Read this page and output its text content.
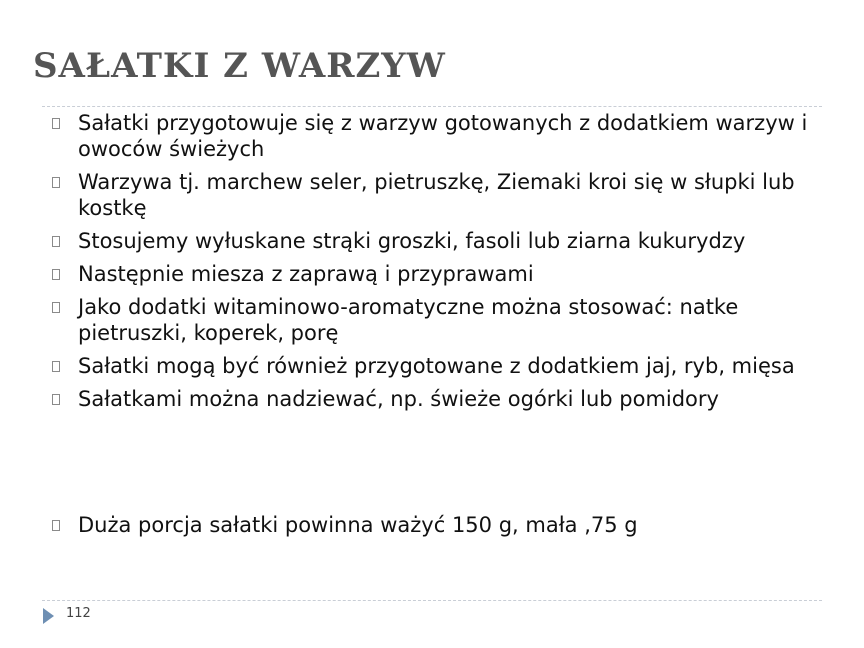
SAŁATKI Z WARZYW
Sałatki przygotowuje się z warzyw gotowanych z dodatkiem warzyw i owoców świeżych
Warzywa tj. marchew seler, pietruszkę, Ziemaki kroi się w słupki lub kostkę
Stosujemy wyłuskane strąki groszki, fasoli lub ziarna kukurydzy
Następnie miesza z zaprawą i przyprawami
Jako dodatki witaminowo-aromatyczne można stosować: natke pietruszki, koperek, porę
Sałatki mogą być również przygotowane z dodatkiem jaj, ryb, mięsa
Sałatkami można nadziewać, np. świeże ogórki lub pomidory
Duża porcja sałatki powinna ważyć 150 g, mała ,75 g
112
